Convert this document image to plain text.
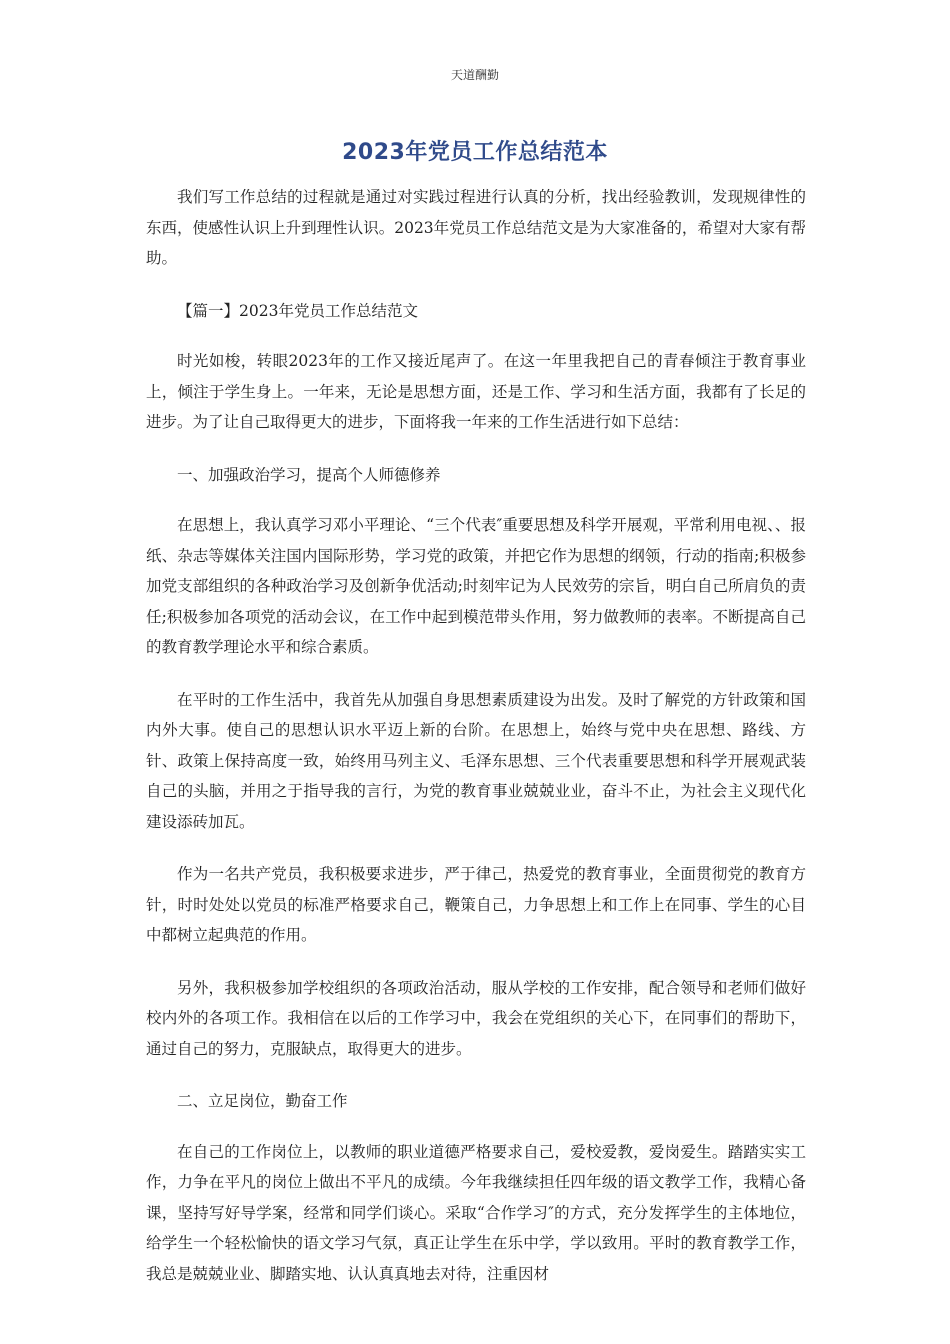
天道酬勤
2023年党员工作总结范本

我们写工作总结的过程就是通过对实践过程进行认真的分析，找出经验教训，发现规律性的东西，使感性认识上升到理性认识。2023年党员工作总结范文是为大家准备的，希望对大家有帮助。

【篇一】2023年党员工作总结范文

时光如梭，转眼2023年的工作又接近尾声了。在这一年里我把自己的青春倾注于教育事业上，倾注于学生身上。一年来，无论是思想方面，还是工作、学习和生活方面，我都有了长足的进步。为了让自己取得更大的进步，下面将我一年来的工作生活进行如下总结：

一、加强政治学习，提高个人师德修养

在思想上，我认真学习邓小平理论、“三个代表″重要思想及科学开展观，平常利用电视、、报纸、杂志等媒体关注国内国际形势，学习党的政策，并把它作为思想的纲领，行动的指南;积极参加党支部组织的各种政治学习及创新争优活动;时刻牢记为人民效劳的宗旨，明白自己所肩负的责任;积极参加各项党的活动会议，在工作中起到模范带头作用，努力做教师的表率。不断提高自己的教育教学理论水平和综合素质。

在平时的工作生活中，我首先从加强自身思想素质建设为出发。及时了解党的方针政策和国内外大事。使自己的思想认识水平迈上新的台阶。在思想上，始终与党中央在思想、路线、方针、政策上保持高度一致，始终用马列主义、毛泽东思想、三个代表重要思想和科学开展观武装自己的头脑，并用之于指导我的言行，为党的教育事业兢兢业业，奋斗不止，为社会主义现代化建设添砖加瓦。

作为一名共产党员，我积极要求进步，严于律己，热爱党的教育事业，全面贯彻党的教育方针，时时处处以党员的标准严格要求自己，鞭策自己，力争思想上和工作上在同事、学生的心目中都树立起典范的作用。

另外，我积极参加学校组织的各项政治活动，服从学校的工作安排，配合领导和老师们做好校内外的各项工作。我相信在以后的工作学习中，我会在党组织的关心下，在同事们的帮助下，通过自己的努力，克服缺点，取得更大的进步。

二、立足岗位，勤奋工作

在自己的工作岗位上，以教师的职业道德严格要求自己，爱校爱教，爱岗爱生。踏踏实实工作，力争在平凡的岗位上做出不平凡的成绩。今年我继续担任四年级的语文教学工作，我精心备课，坚持写好导学案，经常和同学们谈心。采取“合作学习″的方式，充分发挥学生的主体地位，给学生一个轻松愉快的语文学习气氛，真正让学生在乐中学，学以致用。平时的教育教学工作，我总是兢兢业业、脚踏实地、认认真真地去对待，注重因材
